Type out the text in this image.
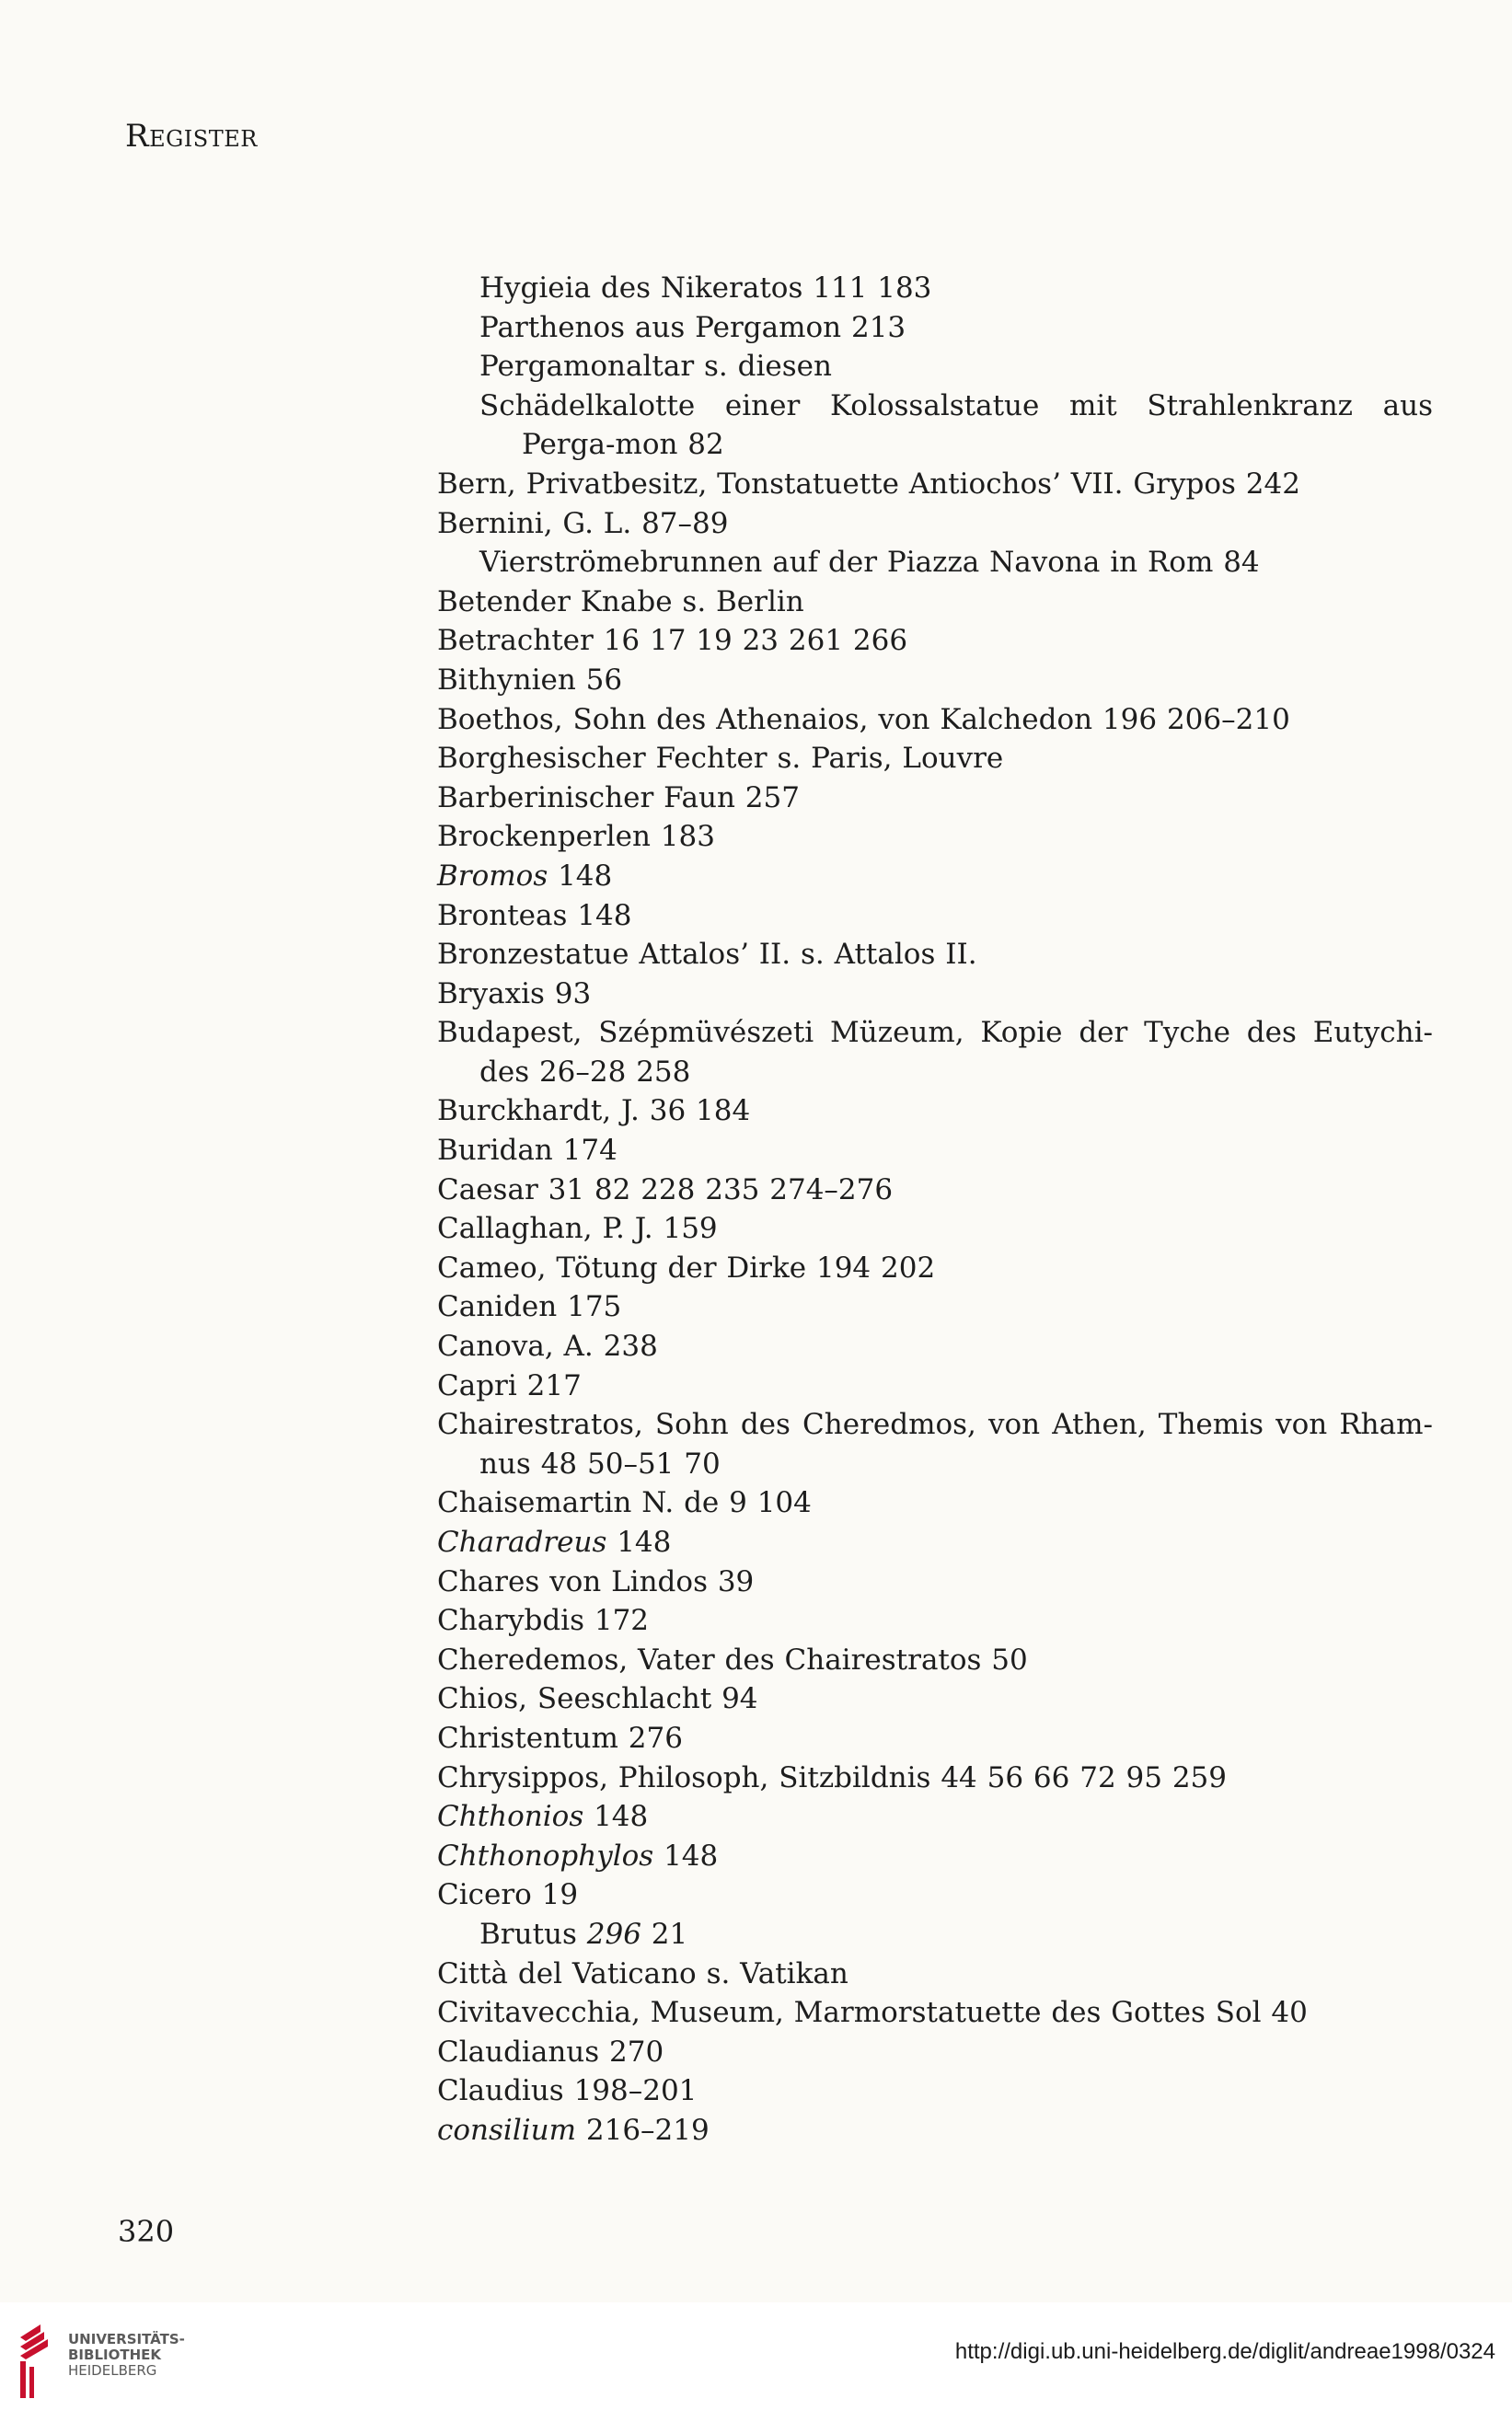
Register
Hygieia des Nikeratos 111 183
Parthenos aus Pergamon 213
Pergamonaltar s. diesen
Schädelkalotte einer Kolossalstatue mit Strahlenkranz aus Perga-mon 82
Bern, Privatbesitz, Tonstatuette Antiochos’ VII. Grypos 242
Bernini, G. L. 87–89
Vierströmebrunnen auf der Piazza Navona in Rom 84
Betender Knabe s. Berlin
Betrachter 16 17 19 23 261 266
Bithynien 56
Boethos, Sohn des Athenaios, von Kalchedon 196 206–210
Borghesischer Fechter s. Paris, Louvre
Barberinischer Faun 257
Brockenperlen 183
Bromos 148
Bronteas 148
Bronzestatue Attalos’ II. s. Attalos II.
Bryaxis 93
Budapest, Szépmüvészeti Müzeum, Kopie der Tyche des Eutychi-des 26–28 258
Burckhardt, J. 36 184
Buridan 174
Caesar 31 82 228 235 274–276
Callaghan, P. J. 159
Cameo, Tötung der Dirke 194 202
Caniden 175
Canova, A. 238
Capri 217
Chairestratos, Sohn des Cheredmos, von Athen, Themis von Rham-nus 48 50–51 70
Chaisemartin N. de 9 104
Charadreus 148
Chares von Lindos 39
Charybdis 172
Cheredemos, Vater des Chairestratos 50
Chios, Seeschlacht 94
Christentum 276
Chrysippos, Philosoph, Sitzbildnis 44 56 66 72 95 259
Chthonios 148
Chthonophylos 148
Cicero 19
Brutus 296 21
Città del Vaticano s. Vatikan
Civitavecchia, Museum, Marmorstatuette des Gottes Sol 40
Claudianus 270
Claudius 198–201
consilium 216–219
320
UNIVERSITÄTS-
BIBLIOTHEK
HEIDELBERG
http://digi.ub.uni-heidelberg.de/diglit/andreae1998/0324
